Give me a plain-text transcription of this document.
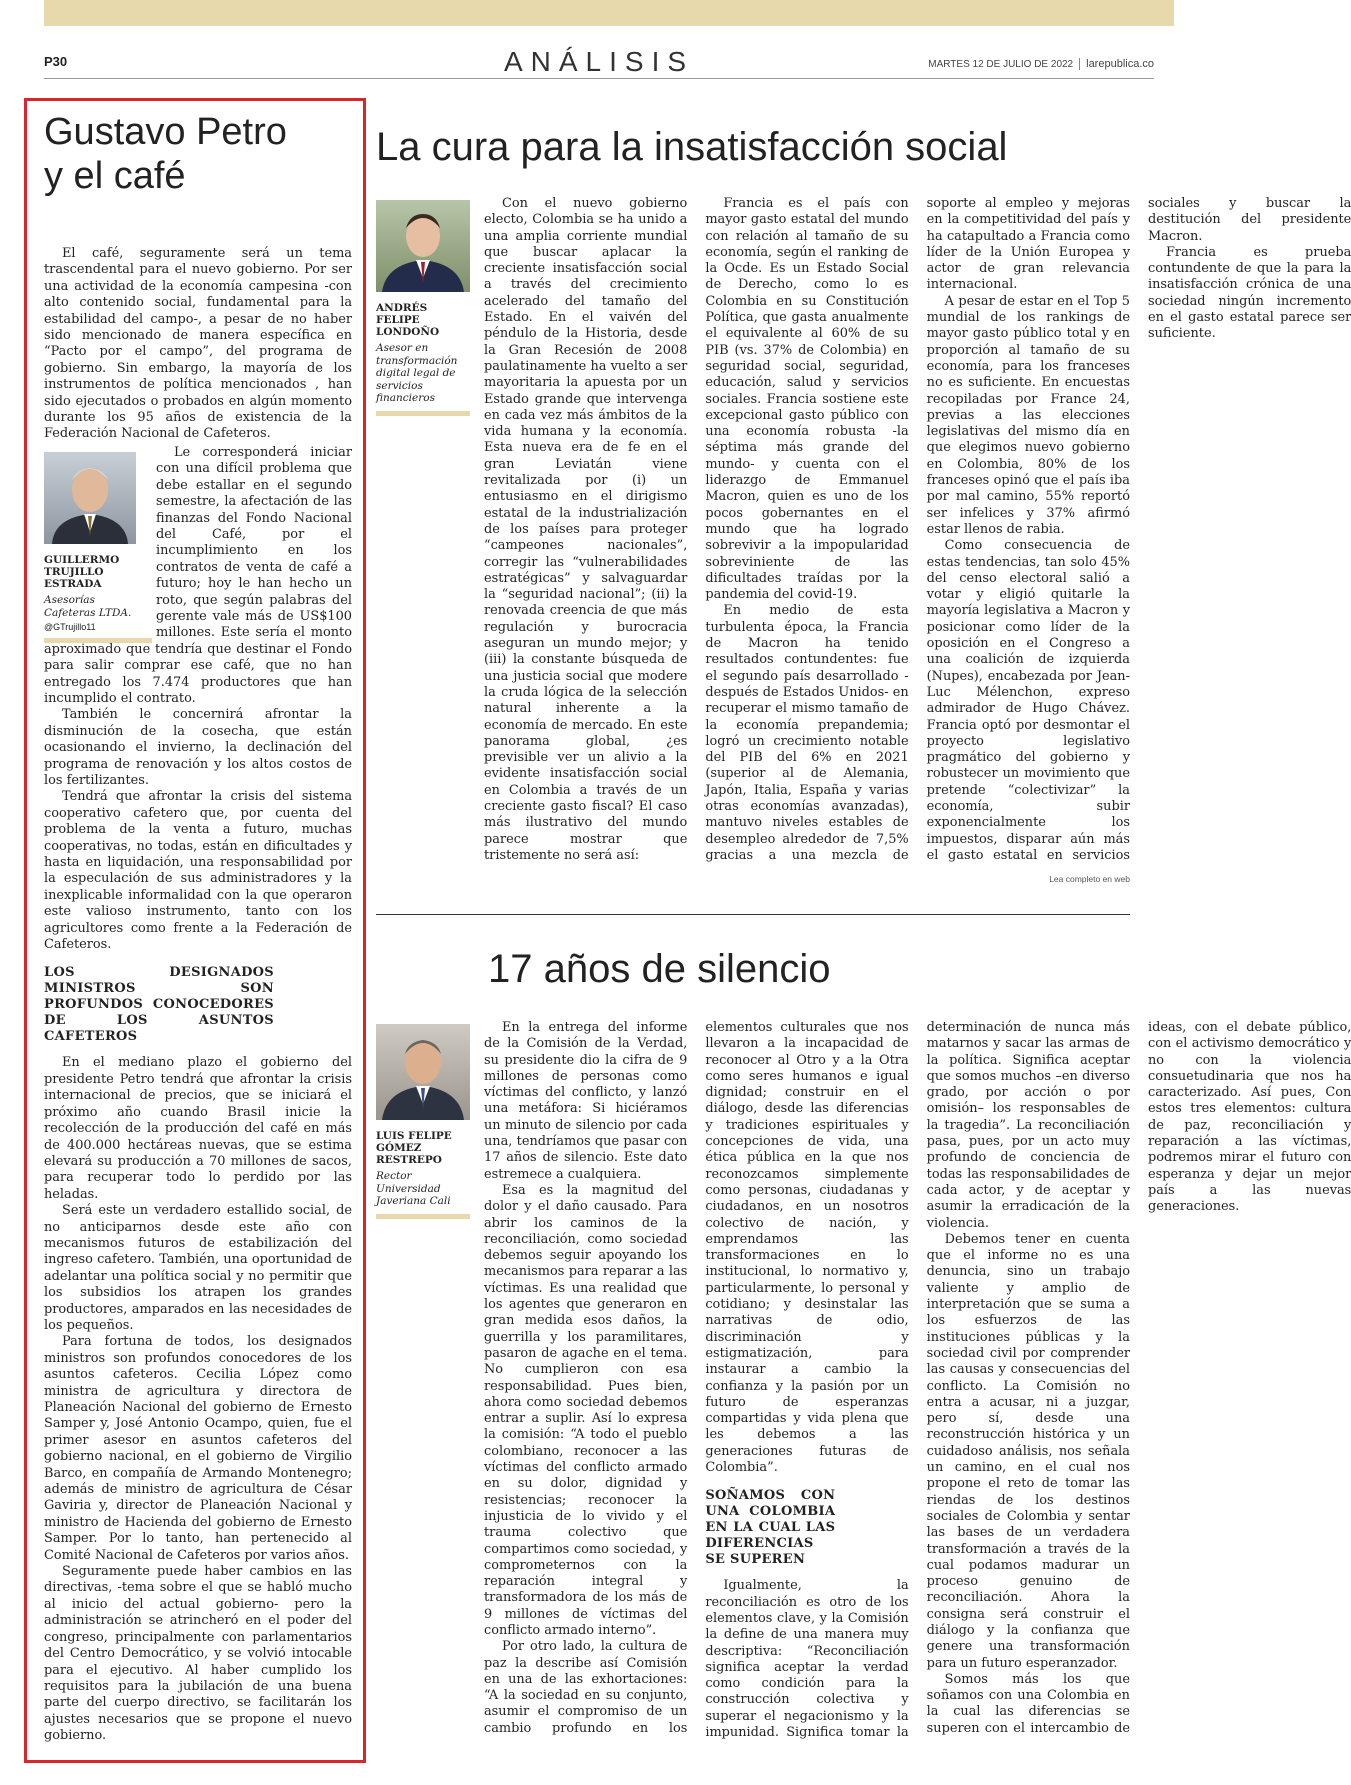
P30	ANÁLISIS	MARTES 12 DE JULIO DE 2022 larepublica.co
Gustavo Petro
y el café
GUILLERMO
TRUJILLO
ESTRADA
Asesorías
Cafeteras LTDA.
@GTrujillo11

El café, seguramente será un tema trascendental para el nuevo gobierno. Por ser una actividad de la economía campesina -con alto contenido social, fundamental para la estabilidad del campo-, a pesar de no haber sido mencionado de manera específica en “Pacto por el campo”, del programa de gobierno. Sin embargo, la mayoría de los instrumentos de política mencionados , han sido ejecutados o probados en algún momento durante los 95 años de existencia de la Federación Nacional de Cafeteros.

Le corresponderá iniciar con una difícil problema que debe estallar en el segundo semestre, la afectación de las finanzas del Fondo Nacional del Café, por el incumplimiento en los contratos de venta de café a futuro; hoy le han hecho un roto, que según palabras del gerente vale más de US$100 millones. Este sería el monto aproximado que tendría que destinar el Fondo para salir comprar ese café, que no han entregado los 7.474 productores que han incumplido el contrato.

También le concernirá afrontar la disminución de la cosecha, que están ocasionando el invierno, la declinación del programa de renovación y los altos costos de los fertilizantes.

Tendrá que afrontar la crisis del sistema cooperativo cafetero que, por cuenta del problema de la venta a futuro, muchas cooperativas, no todas, están en dificultades y hasta en liquidación, una responsabilidad por la especulación de sus administradores y la inexplicable informalidad con la que operaron este valioso instrumento, tanto con los agricultores como frente a la Federación de Cafeteros.

LOS DESIGNADOS MINISTROS SON PROFUNDOS CONOCEDORES DE LOS ASUNTOS CAFETEROS

En el mediano plazo el gobierno del presidente Petro tendrá que afrontar la crisis internacional de precios, que se iniciará el próximo año cuando Brasil inicie la recolección de la producción del café en más de 400.000 hectáreas nuevas, que se estima elevará su producción a 70 millones de sacos, para recuperar todo lo perdido por las heladas.

Será este un verdadero estallido social, de no anticiparnos desde este año con mecanismos futuros de estabilización del ingreso cafetero. También, una oportunidad de adelantar una política social y no permitir que los subsidios los atrapen los grandes productores, amparados en las necesidades de los pequeños.

Para fortuna de todos, los designados ministros son profundos conocedores de los asuntos cafeteros. Cecilia López como ministra de agricultura y directora de Planeación Nacional del gobierno de Ernesto Samper y, José Antonio Ocampo, quien, fue el primer asesor en asuntos cafeteros del gobierno nacional, en el gobierno de Virgilio Barco, en compañía de Armando Montenegro; además de ministro de agricultura de César Gaviria y, director de Planeación Nacional y ministro de Hacienda del gobierno de Ernesto Samper. Por lo tanto, han pertenecido al Comité Nacional de Cafeteros por varios años.

Seguramente puede haber cambios en las directivas, -tema sobre el que se habló mucho al inicio del actual gobierno- pero la administración se atrincheró en el poder del congreso, principalmente con parlamentarios del Centro Democrático, y se volvió intocable para el ejecutivo. Al haber cumplido los requisitos para la jubilación de una buena parte del cuerpo directivo, se facilitarán los ajustes necesarios que se propone el nuevo gobierno.

La cura para la insatisfacción social
ANDRÉS FELIPE
LONDOÑO
Asesor en
transformación
digital legal de
servicios
financieros

Con el nuevo gobierno electo, Colombia se ha unido a una amplia corriente mundial que buscar aplacar la creciente insatisfacción social a través del crecimiento acelerado del tamaño del Estado. En el vaivén del péndulo de la Historia, desde la Gran Recesión de 2008 paulatinamente ha vuelto a ser mayoritaria la apuesta por un Estado grande que intervenga en cada vez más ámbitos de la vida humana y la economía. Esta nueva era de fe en el gran Leviatán viene revitalizada por (i) un entusiasmo en el dirigismo estatal de la industrialización de los países para proteger “campeones nacionales”, corregir las “vulnerabilidades estratégicas” y salvaguardar la “seguridad nacional”; (ii) la renovada creencia de que más regulación y burocracia aseguran un mundo mejor; y (iii) la constante búsqueda de una justicia social que modere la cruda lógica de la selección natural inherente a la economía de mercado. En este panorama global, ¿es previsible ver un alivio a la evidente insatisfacción social en Colombia a través de un creciente gasto fiscal? El caso más ilustrativo del mundo parece mostrar que tristemente no será así:

Francia es el país con mayor gasto estatal del mundo con relación al tamaño de su economía, según el ranking de la Ocde. Es un Estado Social de Derecho, como lo es Colombia en su Constitución Política, que gasta anualmente el equivalente al 60% de su PIB (vs. 37% de Colombia) en seguridad social, seguridad, educación, salud y servicios sociales. Francia sostiene este excepcional gasto público con una economía robusta -la séptima más grande del mundo- y cuenta con el liderazgo de Emmanuel Macron, quien es uno de los pocos gobernantes en el mundo que ha logrado sobrevivir a la impopularidad sobreviniente de las dificultades traídas por la pandemia del covid-19.

En medio de esta turbulenta época, la Francia de Macron ha tenido resultados contundentes: fue el segundo país desarrollado -después de Estados Unidos- en recuperar el mismo tamaño de la economía prepandemia; logró un crecimiento notable del PIB del 6% en 2021 (superior al de Alemania, Japón, Italia, España y varias otras economías avanzadas), mantuvo niveles estables de desempleo alrededor de 7,5% gracias a una mezcla de soporte al empleo y mejoras en la competitividad del país y ha catapultado a Francia como líder de la Unión Europea y actor de gran relevancia internacional.

A pesar de estar en el Top 5 mundial de los rankings de mayor gasto público total y en proporción al tamaño de su economía, para los franceses no es suficiente. En encuestas recopiladas por France 24, previas a las elecciones legislativas del mismo día en que elegimos nuevo gobierno en Colombia, 80% de los franceses opinó que el país iba por mal camino, 55% reportó ser infelices y 37% afirmó estar llenos de rabia.

Como consecuencia de estas tendencias, tan solo 45% del censo electoral salió a votar y eligió quitarle la mayoría legislativa a Macron y posicionar como líder de la oposición en el Congreso a una coalición de izquierda (Nupes), encabezada por Jean-Luc Mélenchon, expreso admirador de Hugo Chávez. Francia optó por desmontar el proyecto legislativo pragmático del gobierno y robustecer un movimiento que pretende “colectivizar” la economía, subir exponencialmente los impuestos, disparar aún más el gasto estatal en servicios sociales y buscar la destitución del presidente Macron.

Francia es prueba contundente de que la para la insatisfacción crónica de una sociedad ningún incremento en el gasto estatal parece ser suficiente.

Lea completo en web
17 años de silencio
LUIS FELIPE
GÓMEZ
RESTREPO
Rector
Universidad
Javeriana Cali

En la entrega del informe de la Comisión de la Verdad, su presidente dio la cifra de 9 millones de personas como víctimas del conflicto, y lanzó una metáfora: Si hiciéramos un minuto de silencio por cada una, tendríamos que pasar con 17 años de silencio. Este dato estremece a cualquiera.

Esa es la magnitud del dolor y el daño causado. Para abrir los caminos de la reconciliación, como sociedad debemos seguir apoyando los mecanismos para reparar a las víctimas. Es una realidad que los agentes que generaron en gran medida esos daños, la guerrilla y los paramilitares, pasaron de agache en el tema. No cumplieron con esa responsabilidad. Pues bien, ahora como sociedad debemos entrar a suplir. Así lo expresa la comisión: “A todo el pueblo colombiano, reconocer a las víctimas del conflicto armado en su dolor, dignidad y resistencias; reconocer la injusticia de lo vivido y el trauma colectivo que compartimos como sociedad, y comprometernos con la reparación integral y transformadora de los más de 9 millones de víctimas del conflicto armado interno”.

Por otro lado, la cultura de paz la describe así Comisión en una de las exhortaciones: “A la sociedad en su conjunto, asumir el compromiso de un cambio profundo en los elementos culturales que nos llevaron a la incapacidad de reconocer al Otro y a la Otra como seres humanos e igual dignidad; construir en el diálogo, desde las diferencias y tradiciones espirituales y concepciones de vida, una ética pública en la que nos reconozcamos simplemente como personas, ciudadanas y ciudadanos, en un nosotros colectivo de nación, y emprendamos las transformaciones en lo institucional, lo normativo y, particularmente, lo personal y cotidiano; y desinstalar las narrativas de odio, discriminación y estigmatización, para instaurar a cambio la confianza y la pasión por un futuro de esperanzas compartidas y vida plena que les debemos a las generaciones futuras de Colombia”.

SOÑAMOS CON UNA COLOMBIA EN LA CUAL LAS DIFERENCIAS SE SUPEREN

Igualmente, la reconciliación es otro de los elementos clave, y la Comisión la define de una manera muy descriptiva: “Reconciliación significa aceptar la verdad como condición para la construcción colectiva y superar el negacionismo y la impunidad. Significa tomar la determinación de nunca más matarnos y sacar las armas de la política. Significa aceptar que somos muchos –en diverso grado, por acción o por omisión– los responsables de la tragedia”. La reconciliación pasa, pues, por un acto muy profundo de conciencia de todas las responsabilidades de cada actor, y de aceptar y asumir la erradicación de la violencia.

Debemos tener en cuenta que el informe no es una denuncia, sino un trabajo valiente y amplio de interpretación que se suma a los esfuerzos de las instituciones públicas y la sociedad civil por comprender las causas y consecuencias del conflicto. La Comisión no entra a acusar, ni a juzgar, pero sí, desde una reconstrucción histórica y un cuidadoso análisis, nos señala un camino, en el cual nos propone el reto de tomar las riendas de los destinos sociales de Colombia y sentar las bases de un verdadera transformación a través de la cual podamos madurar un proceso genuino de reconciliación. Ahora la consigna será construir el diálogo y la confianza que genere una transformación para un futuro esperanzador.

Somos más los que soñamos con una Colombia en la cual las diferencias se superen con el intercambio de ideas, con el debate público, con el activismo democrático y no con la violencia consuetudinaria que nos ha caracterizado. Así pues, Con estos tres elementos: cultura de paz, reconciliación y reparación a las víctimas, podremos mirar el futuro con esperanza y dejar un mejor país a las nuevas generaciones.
